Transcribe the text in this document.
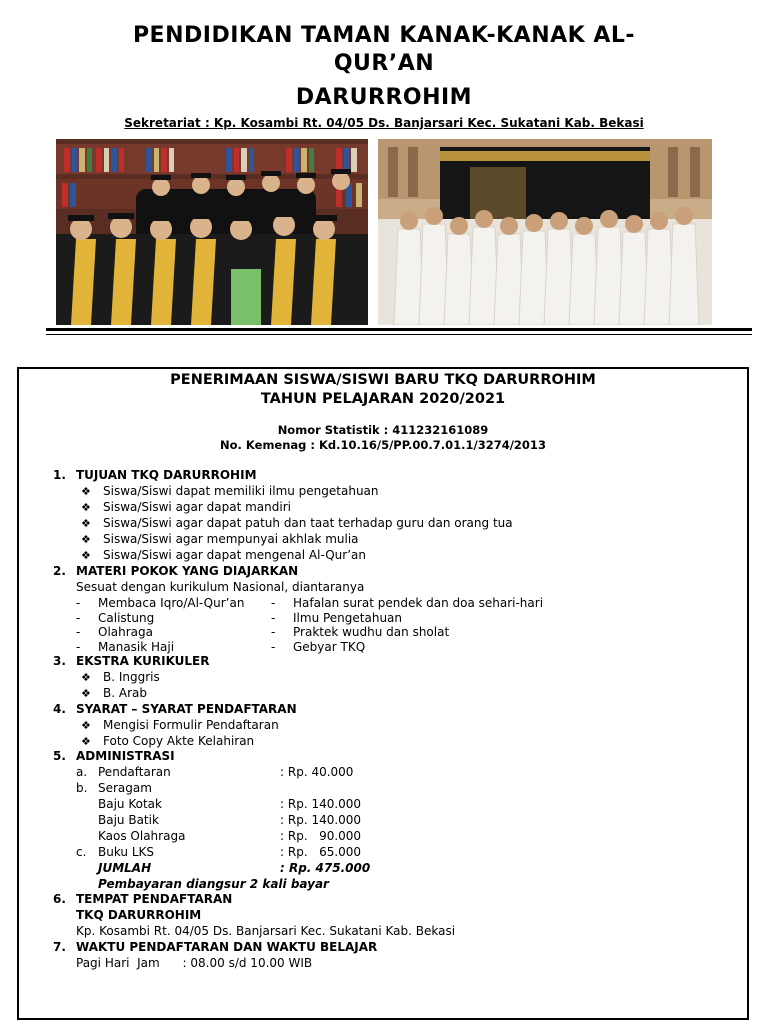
PENDIDIKAN TAMAN KANAK-KANAK AL-
QUR’AN
DARURROHIM
Sekretariat : Kp. Kosambi Rt. 04/05 Ds. Banjarsari Kec. Sukatani Kab. Bekasi
PENERIMAAN SISWA/SISWI BARU TKQ DARURROHIM
TAHUN PELAJARAN 2020/2021
Nomor Statistik : 411232161089
No. Kemenag : Kd.10.16/5/PP.00.7.01.1/3274/2013
1. TUJUAN TKQ DARURROHIM
❖ Siswa/Siswi dapat memiliki ilmu pengetahuan
❖ Siswa/Siswi agar dapat mandiri
❖ Siswa/Siswi agar dapat patuh dan taat terhadap guru dan orang tua
❖ Siswa/Siswi agar mempunyai akhlak mulia
❖ Siswa/Siswi agar dapat mengenal Al-Qur’an
2. MATERI POKOK YANG DIAJARKAN
Sesuat dengan kurikulum Nasional, diantaranya
- Membaca Iqro/Al-Qur’an - Hafalan surat pendek dan doa sehari-hari
- Calistung	- Ilmu Pengetahuan
- Olahraga	- Praktek wudhu dan sholat
- Manasik Haji	- Gebyar TKQ
3. EKSTRA KURIKULER
❖ B. Inggris
❖ B. Arab
4. SYARAT – SYARAT PENDAFTARAN
❖ Mengisi Formulir Pendaftaran
❖ Foto Copy Akte Kelahiran
5. ADMINISTRASI
a. Pendaftaran	: Rp. 40.000
b. Seragam
Baju Kotak	: Rp. 140.000
Baju Batik	: Rp. 140.000
Kaos Olahraga	: Rp.   90.000
c. Buku LKS	: Rp.   65.000
JUMLAH	: Rp. 475.000
Pembayaran diangsur 2 kali bayar
6. TEMPAT PENDAFTARAN
TKQ DARURROHIM
Kp. Kosambi Rt. 04/05 Ds. Banjarsari Kec. Sukatani Kab. Bekasi
7. WAKTU PENDAFTARAN DAN WAKTU BELAJAR
Pagi Hari  Jam      : 08.00 s/d 10.00 WIB
